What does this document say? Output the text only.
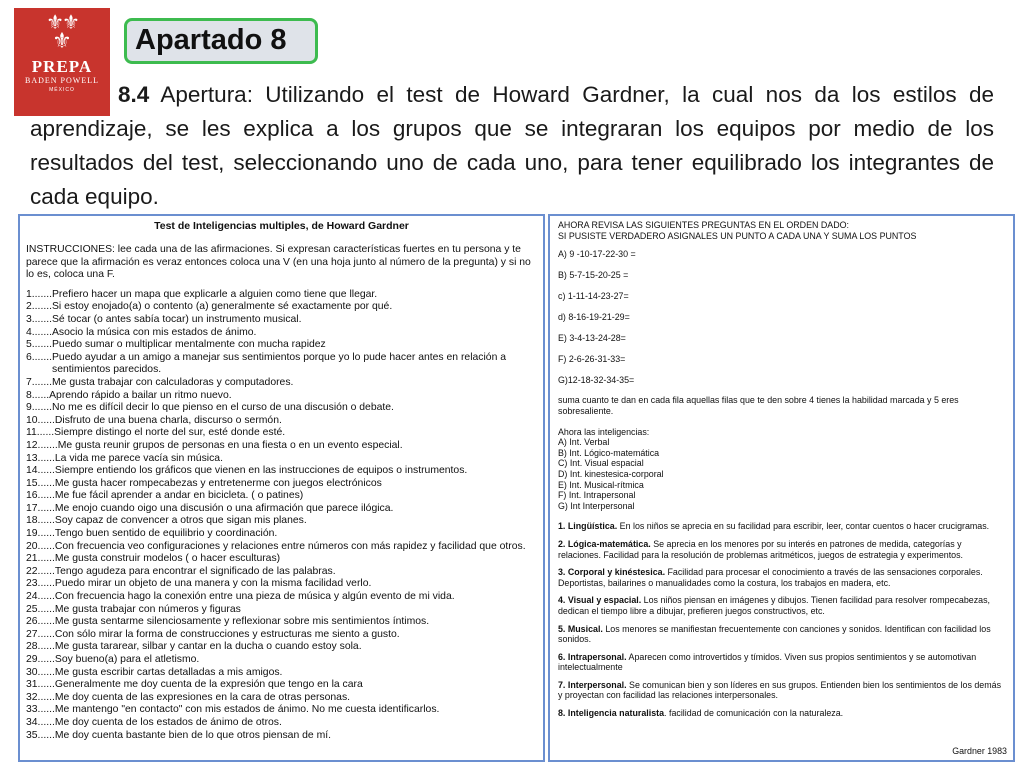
⚜⚜
⚜
PREPA
BADEN POWELL
MÉXICO
Apartado 8
8.4 Apertura: Utilizando el test de Howard Gardner, la cual nos da los estilos de aprendizaje, se les explica a los grupos que se integraran los equipos por medio de los resultados del test, seleccionando uno de cada uno, para tener equilibrado los integrantes de cada equipo.
Test de Inteligencias multiples, de Howard Gardner
INSTRUCCIONES: lee cada una de las afirmaciones. Si expresan características fuertes en tu persona y te parece que la afirmación es veraz entonces coloca una V (en una hoja junto al número de la pregunta) y si no lo es, coloca una F.
1....... Prefiero hacer un mapa que explicarle a alguien como tiene que llegar.
2....... Si estoy enojado(a) o contento (a) generalmente sé exactamente por qué.
3....... Sé tocar (o antes sabía tocar) un instrumento musical.
4....... Asocio la música con mis estados de ánimo.
5....... Puedo sumar o multiplicar mentalmente con mucha rapidez
6....... Puedo ayudar a un amigo a manejar sus sentimientos porque yo lo pude hacer antes en relación a sentimientos parecidos.
7....... Me gusta trabajar con calculadoras y computadores.
8...... Aprendo rápido a bailar un ritmo nuevo.
9....... No me es difícil decir lo que pienso en el curso de una discusión o debate.
10...... Disfruto de una buena charla, discurso o sermón.
11...... Siempre distingo el norte del sur, esté donde esté.
12....... Me gusta reunir grupos de personas en una fiesta o en un evento especial.
13...... La vida me parece vacía sin música.
14...... Siempre entiendo los gráficos que vienen en las instrucciones de equipos o instrumentos.
15...... Me gusta hacer rompecabezas y entretenerme con juegos electrónicos
16...... Me fue fácil aprender a andar en bicicleta. ( o patines)
17...... Me enojo cuando oigo una discusión o una afirmación que parece ilógica.
18...... Soy capaz de convencer a otros que sigan mis planes.
19...... Tengo buen sentido de equilibrio y coordinación.
20...... Con frecuencia veo configuraciones y relaciones entre números con más rapidez y facilidad que otros.
21...... Me gusta construir modelos ( o hacer esculturas)
22...... Tengo agudeza para encontrar el significado de las palabras.
23...... Puedo mirar un objeto de una manera y con la misma facilidad verlo.
24...... Con frecuencia hago la conexión entre una pieza de música y algún evento de mi vida.
25...... Me gusta trabajar con números y figuras
26...... Me gusta sentarme silenciosamente y reflexionar sobre mis sentimientos íntimos.
27...... Con sólo mirar la forma de construcciones y estructuras me siento a gusto.
28...... Me gusta tararear, silbar y cantar en la ducha o cuando estoy sola.
29...... Soy bueno(a) para el atletismo.
30...... Me gusta escribir cartas detalladas a mis amigos.
31...... Generalmente me doy cuenta de la expresión que tengo en la cara
32...... Me doy cuenta de las expresiones en la cara de otras personas.
33...... Me mantengo "en contacto" con mis estados de ánimo. No me cuesta identificarlos.
34...... Me doy cuenta de los estados de ánimo de otros.
35...... Me doy cuenta bastante bien de lo que otros piensan de mí.
AHORA REVISA LAS SIGUIENTES PREGUNTAS EN EL ORDEN DADO:
SI PUSISTE VERDADERO ASIGNALES UN PUNTO A CADA UNA Y SUMA LOS PUNTOS
A) 9 -10-17-22-30 =
B) 5-7-15-20-25 =
c) 1-11-14-23-27=
d) 8-16-19-21-29=
E) 3-4-13-24-28=
F) 2-6-26-31-33=
G)12-18-32-34-35=
suma cuanto te dan en cada fila aquellas filas que te den sobre 4 tienes la habilidad marcada y 5 eres sobresaliente.
Ahora las inteligencias:
A) Int. Verbal
B) Int. Lógico-matemática
C) Int. Visual espacial
D) Int. kinestesica-corporal
E) Int. Musical-rítmica
F) Int. Intrapersonal
G) Int Interpersonal
1. Lingüística. En los niños se aprecia en su facilidad para escribir, leer, contar cuentos o hacer crucigramas.
2. Lógica-matemática. Se aprecia en los menores por su interés en patrones de medida, categorías y relaciones. Facilidad para la resolución de problemas aritméticos, juegos de estrategia y experimentos.
3. Corporal y kinéstesica. Facilidad para procesar el conocimiento a través de las sensaciones corporales. Deportistas, bailarines o manualidades como la costura, los trabajos en madera, etc.
4. Visual y espacial. Los niños piensan en imágenes y dibujos. Tienen facilidad para resolver rompecabezas, dedican el tiempo libre a dibujar, prefieren juegos constructivos, etc.
5. Musical. Los menores se manifiestan frecuentemente con canciones y sonidos. Identifican con facilidad los sonidos.
6. Intrapersonal. Aparecen como introvertidos y tímidos. Viven sus propios sentimientos y se automotivan intelectualmente
7. Interpersonal. Se comunican bien y son líderes en sus grupos. Entienden bien los sentimientos de los demás y proyectan con facilidad las relaciones interpersonales.
8. Inteligencia naturalista. facilidad de comunicación con la naturaleza.
Gardner 1983
